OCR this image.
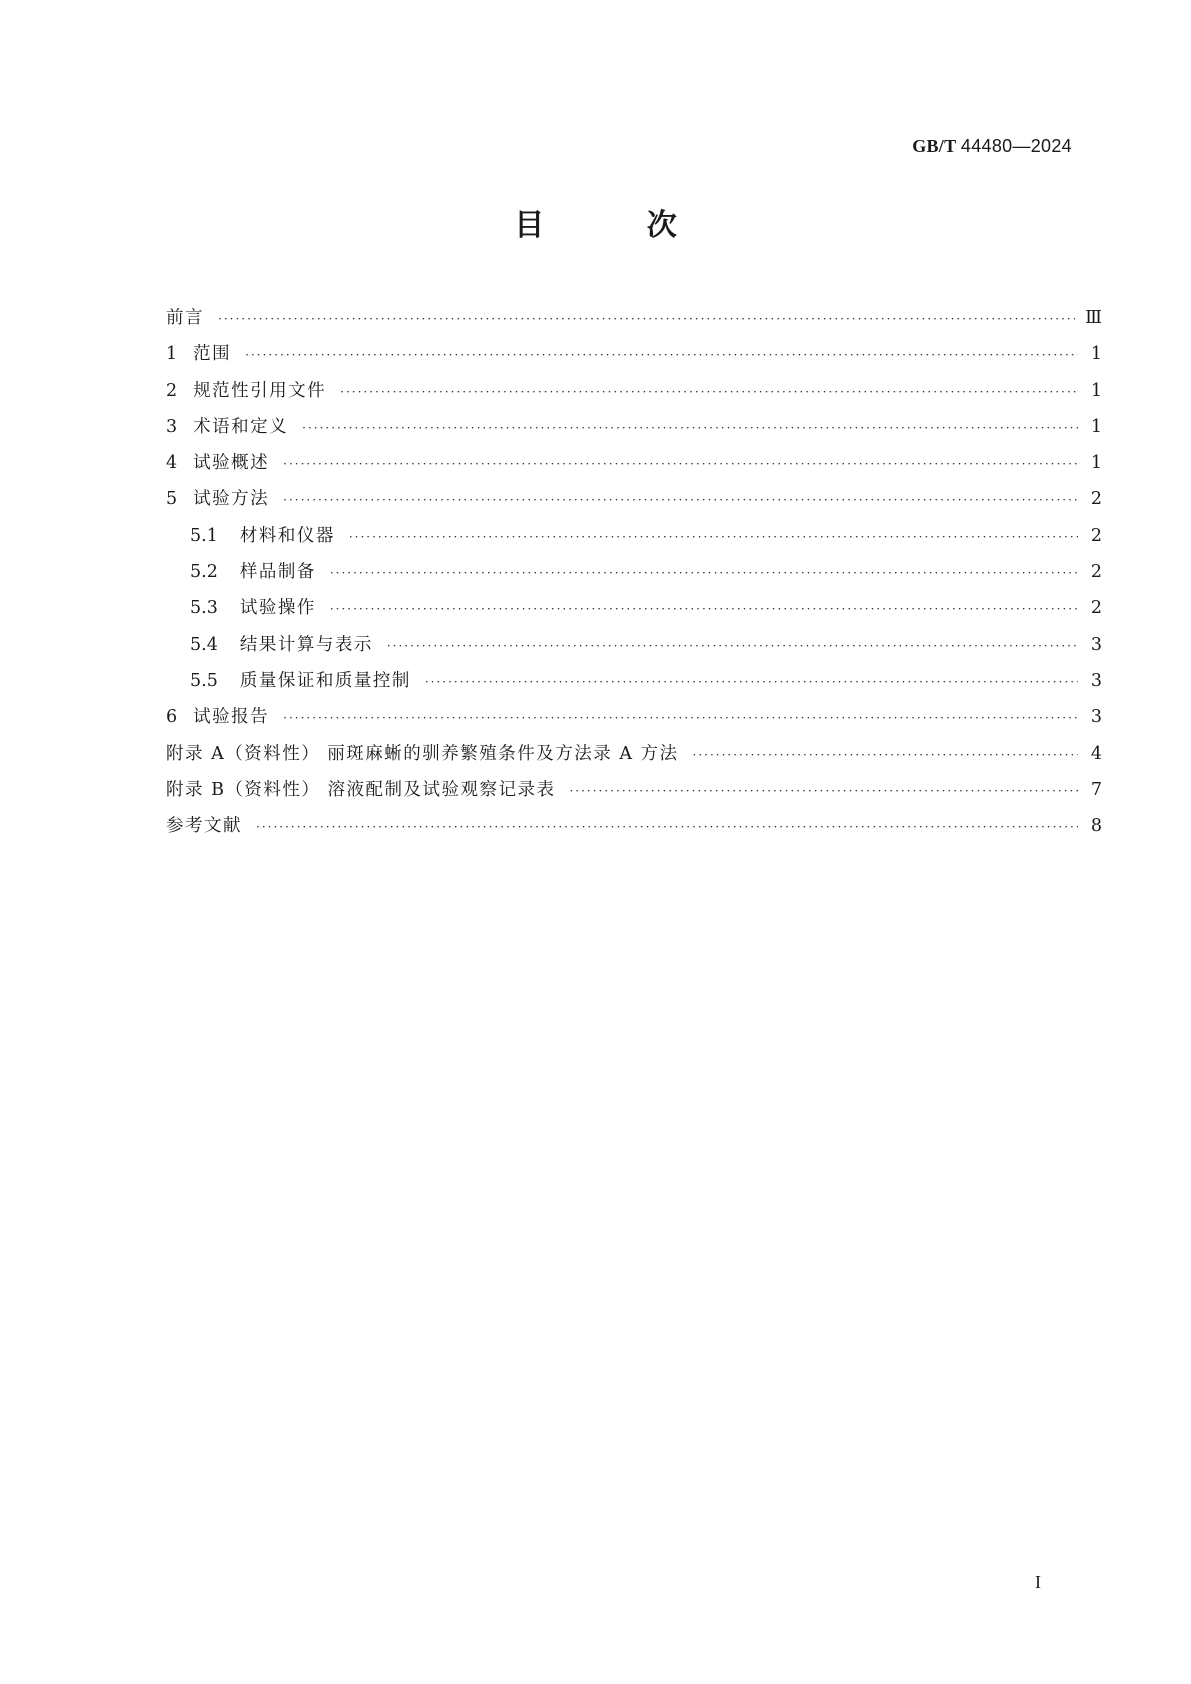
GB/T 44480—2024
目 次
前言 ·····	Ⅲ
1 范围 ·····	1
2 规范性引用文件 ·····	1
3 术语和定义 ·····	1
4 试验概述 ·····	1
5 试验方法 ·····	2
5.1 材料和仪器 ·····	2
5.2 样品制备 ·····	2
5.3 试验操作 ·····	2
5.4 结果计算与表示 ·····	3
5.5 质量保证和质量控制 ·····	3
6 试验报告 ·····	3
附录 A（资料性） 丽斑麻蜥的驯养繁殖条件及方法录 A 方法 ·····	4
附录 B（资料性） 溶液配制及试验观察记录表 ·····	7
参考文献 ·····	8
I
